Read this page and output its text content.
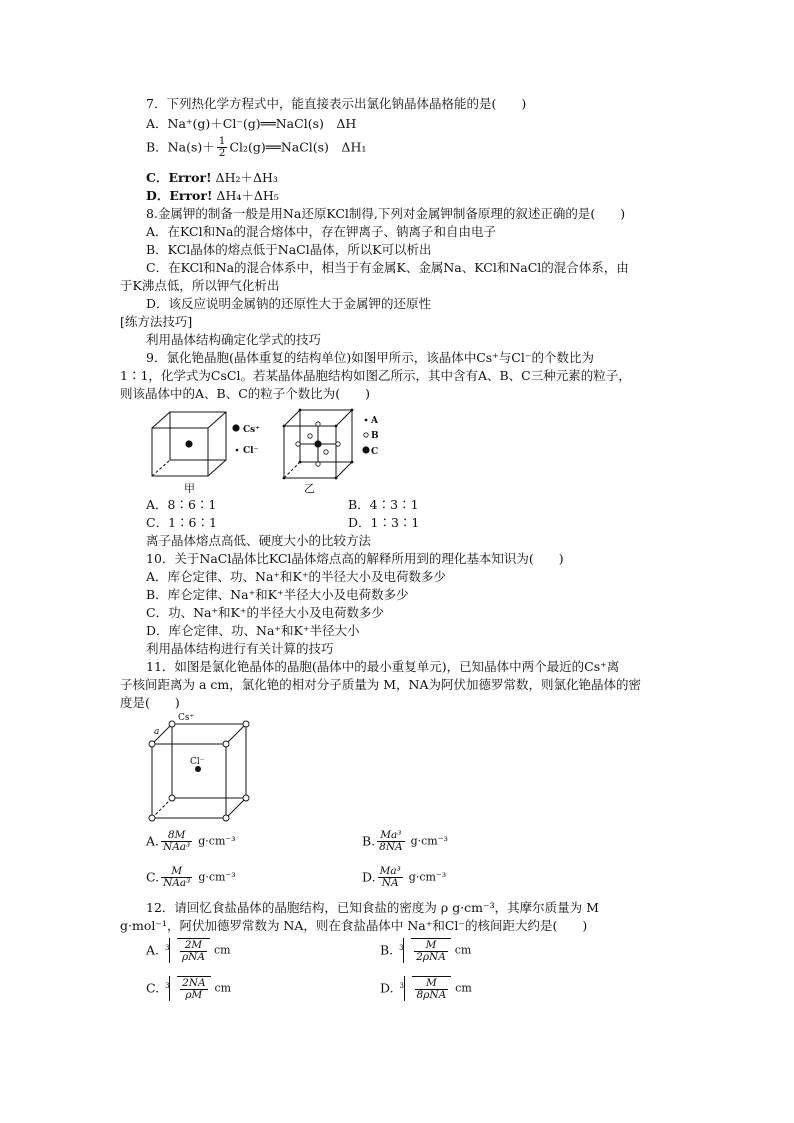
7．下列热化学方程式中，能直接表示出氯化钠晶体晶格能的是(　　)
A．Na⁺(g)＋Cl⁻(g)══NaCl(s)　ΔH
B．$Na(s)+ \frac{1}{2}$ Cl₂(g)══NaCl(s)　ΔH₁
C．Error! ΔH₂＋ΔH₃
D．Error! ΔH₄＋ΔH₅
8.金属钾的制备一般是用Na还原KCl制得,下列对金属钾制备原理的叙述正确的是(　　)
A．在KCl和Na的混合熔体中，存在钾离子、钠离子和自由电子
B．KCl晶体的熔点低于NaCl晶体，所以K可以析出
C．在KCl和Na的混合体系中，相当于有金属K、金属Na、KCl和NaCl的混合体系，由
于K沸点低，所以钾气化析出
D．该反应说明金属钠的还原性大于金属钾的还原性
[练方法技巧]
利用晶体结构确定化学式的技巧
9．氯化铯晶胞(晶体重复的结构单位)如图甲所示，该晶体中Cs⁺与Cl⁻的个数比为
1∶1，化学式为CsCl。若某晶体晶胞结构如图乙所示，其中含有A、B、C三种元素的粒子，
则该晶体中的A、B、C的粒子个数比为(　　)
Cs⁺
Cl⁻
甲
A
B
C
乙
A．8∶6∶1	B．4∶3∶1
C．1∶6∶1	D．1∶3∶1
离子晶体熔点高低、硬度大小的比较方法
10．关于NaCl晶体比KCl晶体熔点高的解释所用到的理化基本知识为(　　)
A．库仑定律、功、Na⁺和K⁺的半径大小及电荷数多少
B．库仑定律、Na⁺和K⁺半径大小及电荷数多少
C．功、Na⁺和K⁺的半径大小及电荷数多少
D．库仑定律、功、Na⁺和K⁺半径大小
利用晶体结构进行有关计算的技巧
11．如图是氯化铯晶体的晶胞(晶体中的最小重复单元)，已知晶体中两个最近的Cs⁺离
子核间距离为 a cm，氯化铯的相对分子质量为 M，NA为阿伏加德罗常数，则氯化铯晶体的密
度是(　　)
Cs⁺
Cl⁻
a
A. $\frac{8M}{\text{NAa³}} g\cdot cm^{-3}$	B. $\frac{\text{Ma³}}{8NA} g\cdot cm^{-3}$
C. $\frac{M}{\text{NAa³}} g\cdot cm^{-3}$	D. $\frac{\text{Ma³}}{NA} g\cdot cm^{-3}$
12．请回忆食盐晶体的晶胞结构，已知食盐的密度为 ρ g·cm⁻³，其摩尔质量为 M
g·mol⁻¹，阿伏加德罗常数为 NA，则在食盐晶体中 Na⁺和Cl⁻的核间距大约是(　　)
A. $3 \frac{2M}{\text{ρNA}}$ cm	B. $3 \frac{M}{\text{2ρNA}}$ cm
C. $3 \frac{2NA}{\rho M}$ cm	D. $3 \frac{M}{\text{8ρNA}}$ cm
